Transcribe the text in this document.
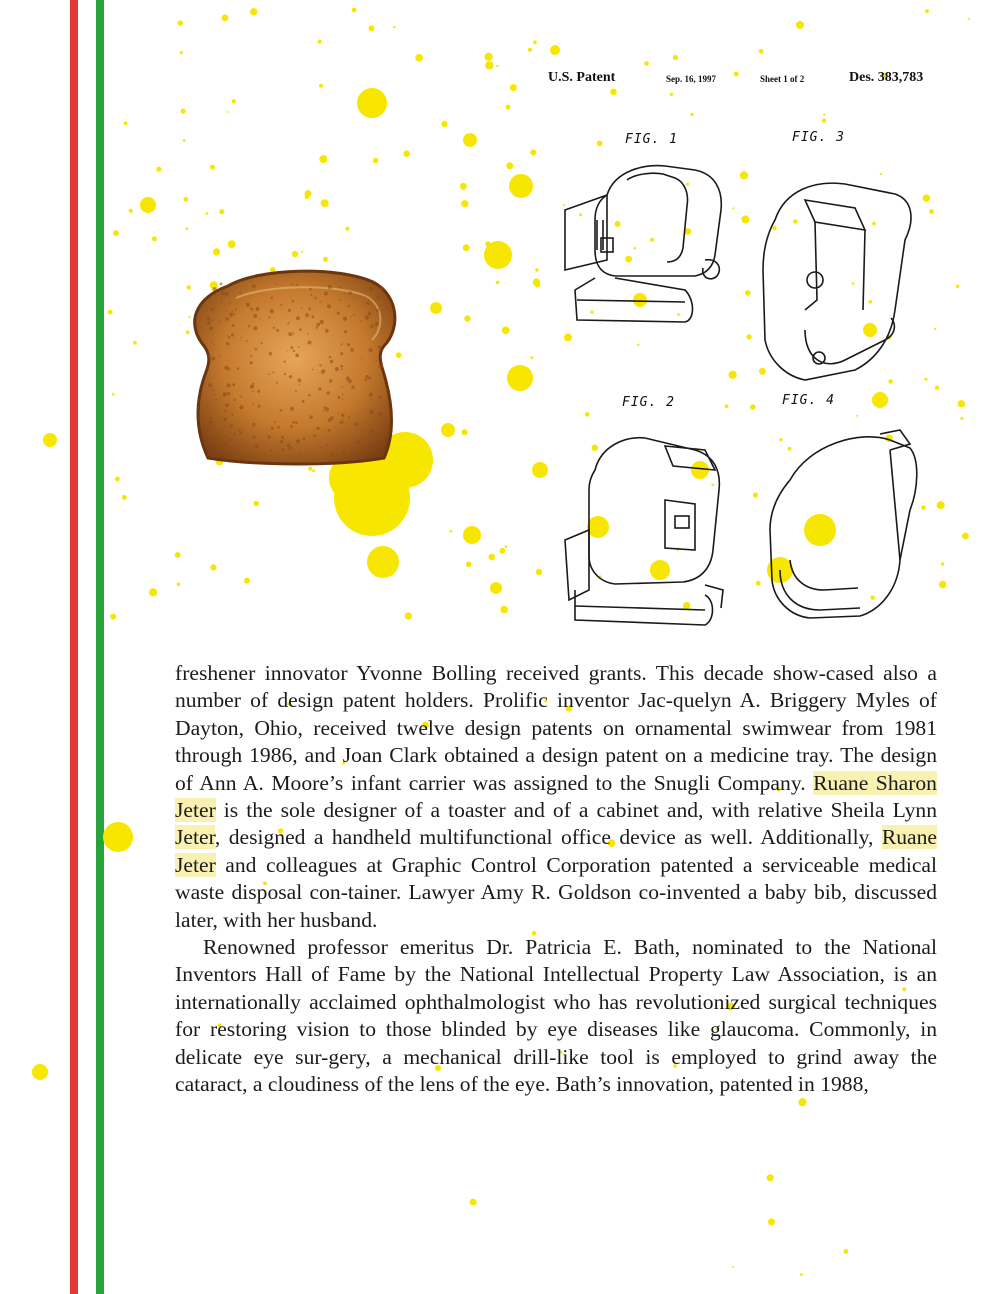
U.S. Patent	Sep. 16, 1997	Sheet 1 of 2	Des. 383,783
FIG. 1	FIG. 3
FIG. 2	FIG. 4

freshener innovator Yvonne Bolling received grants. This decade show-cased also a number of design patent holders. Prolific inventor Jac-quelyn A. Briggery Myles of Dayton, Ohio, received twelve design patents on ornamental swimwear from 1981 through 1986, and Joan Clark obtained a design patent on a medicine tray. The design of Ann A. Moore’s infant carrier was assigned to the Snugli Company. Ruane Sharon Jeter is the sole designer of a toaster and of a cabinet and, with relative Sheila Lynn Jeter, designed a handheld multifunctional office device as well. Additionally, Ruane Jeter and colleagues at Graphic Control Corporation patented a serviceable medical waste disposal con-tainer. Lawyer Amy R. Goldson co-invented a baby bib, discussed later, with her husband.

Renowned professor emeritus Dr. Patricia E. Bath, nominated to the National Inventors Hall of Fame by the National Intellectual Property Law Association, is an internationally acclaimed ophthalmologist who has revolutionized surgical techniques for restoring vision to those blinded by eye diseases like glaucoma. Commonly, in delicate eye sur-gery, a mechanical drill-like tool is employed to grind away the cataract, a cloudiness of the lens of the eye. Bath’s innovation, patented in 1988,
